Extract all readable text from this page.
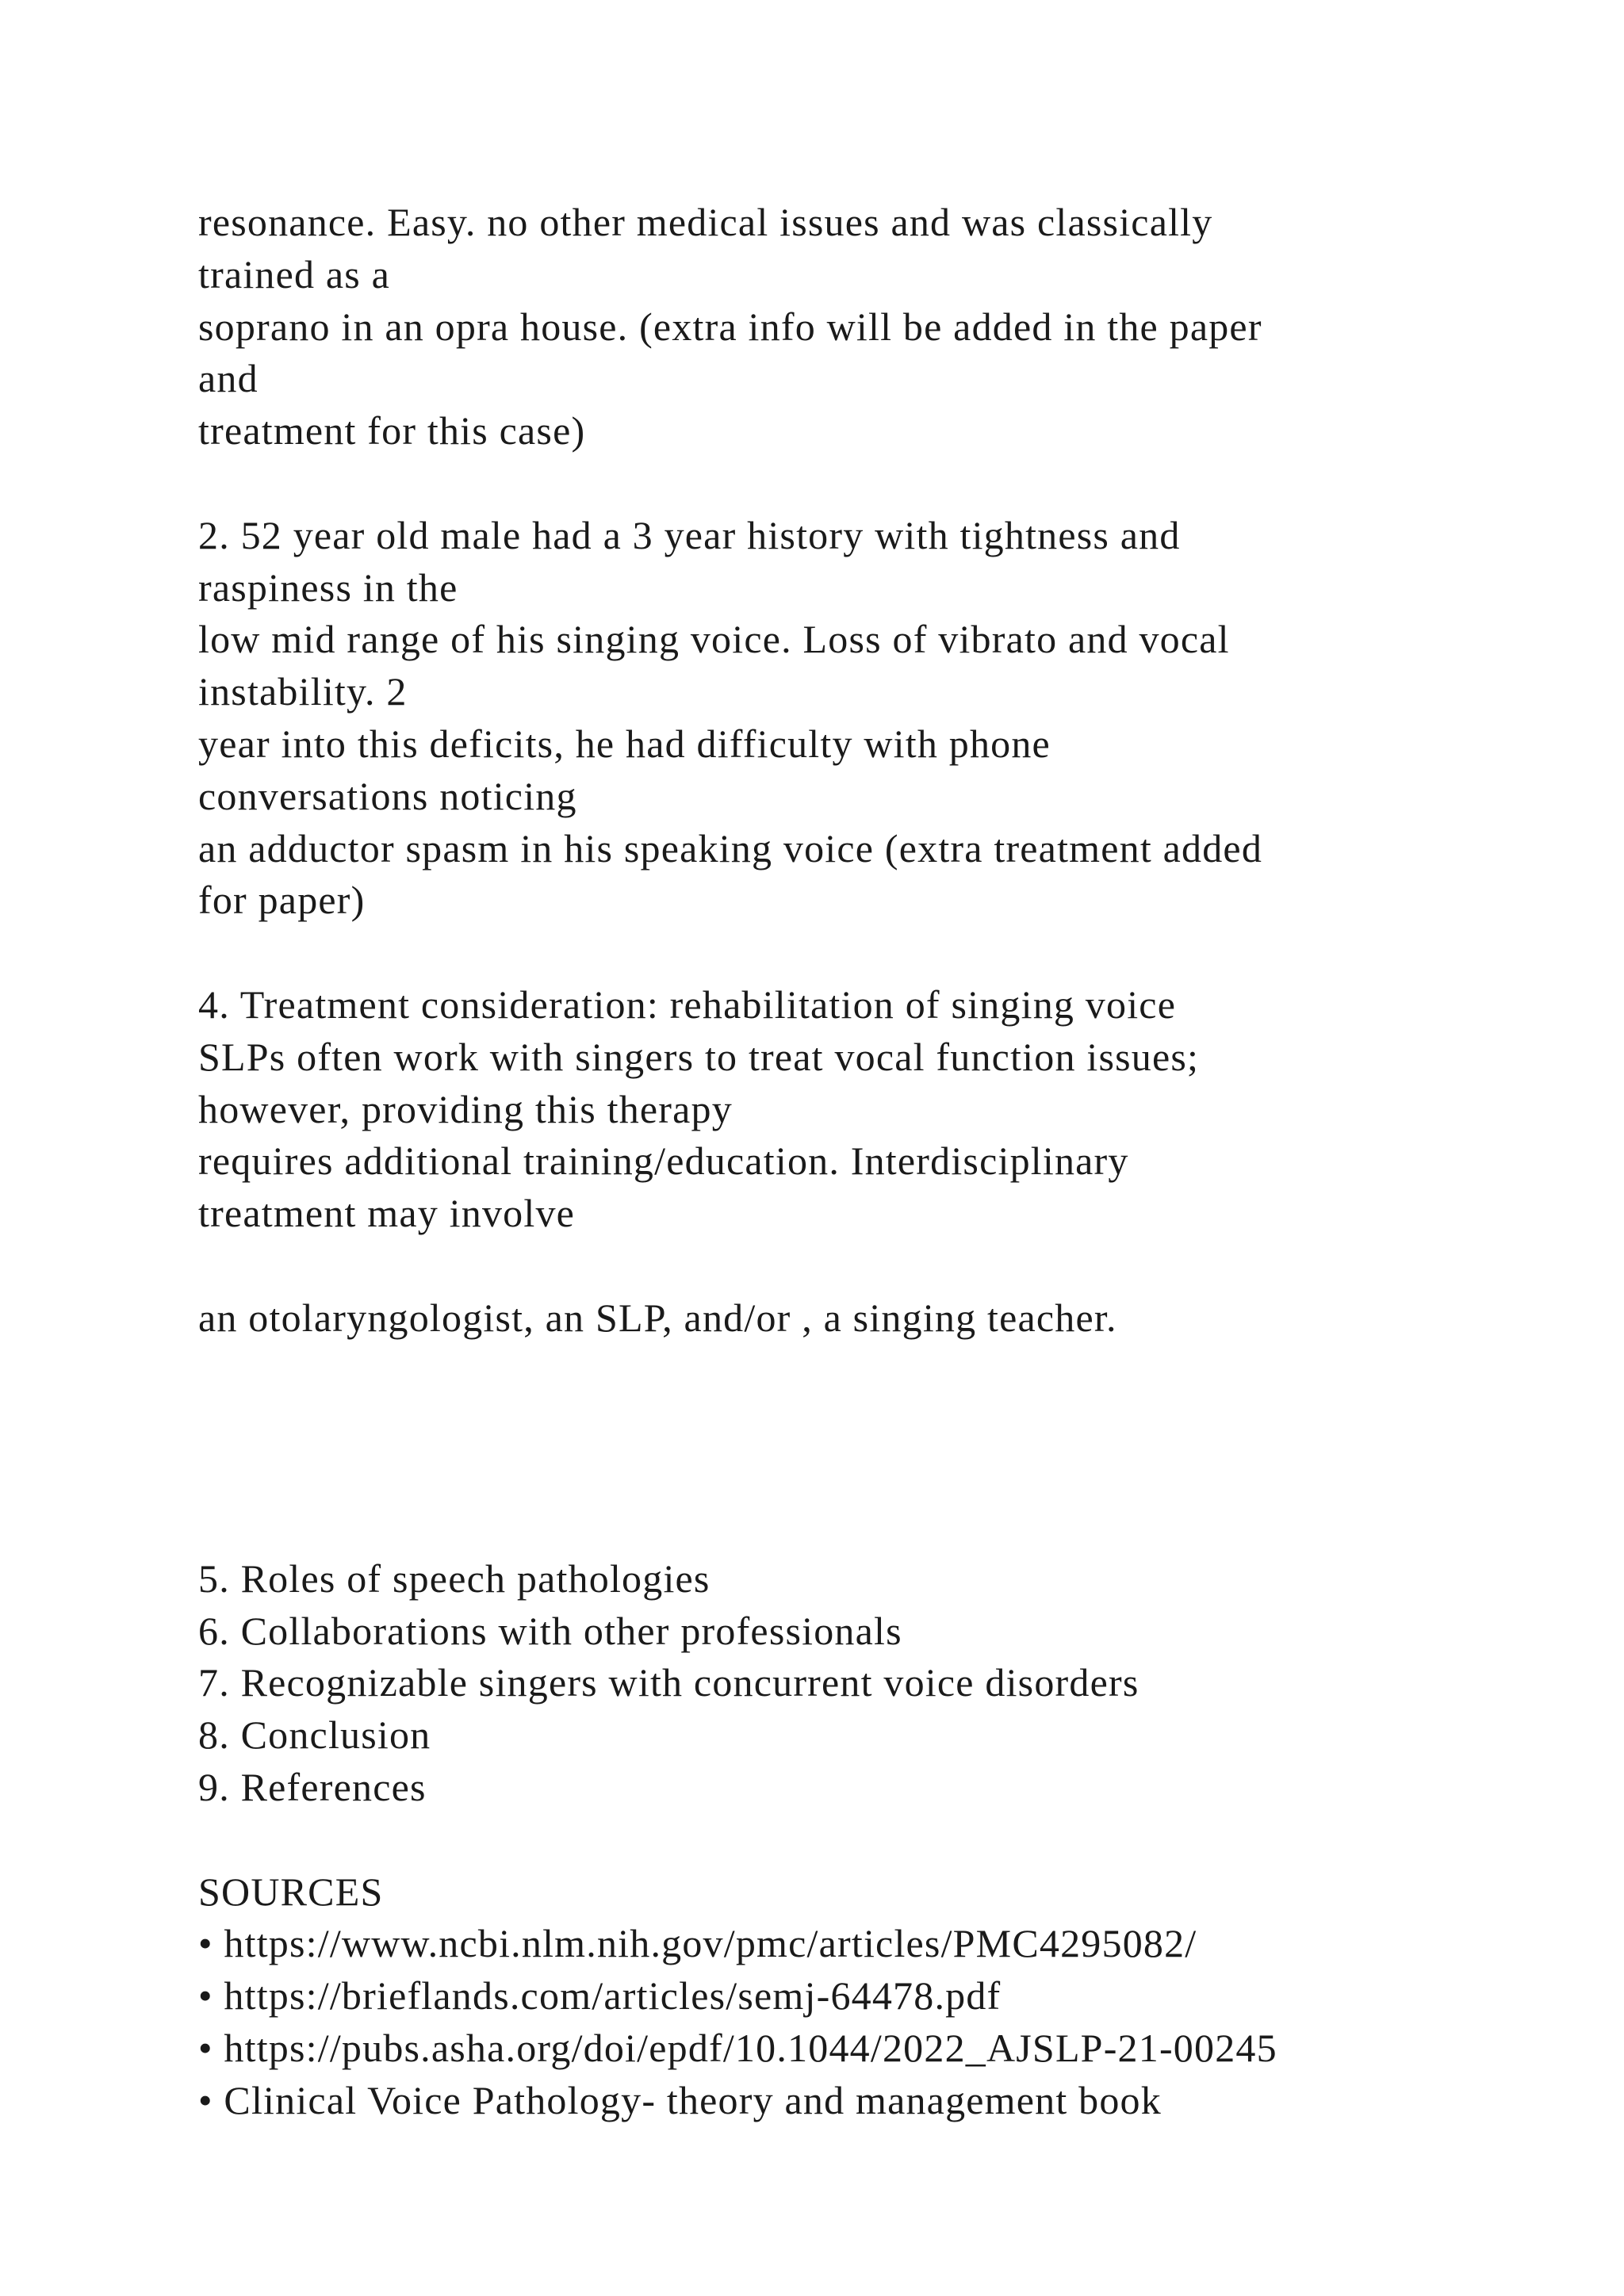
resonance. Easy. no other medical issues and was classically
trained as a
soprano in an opra house. (extra info will be added in the paper
and
treatment for this case)
2. 52 year old male had a 3 year history with tightness and
raspiness in the
low mid range of his singing voice. Loss of vibrato and vocal
instability. 2
year into this deficits, he had difficulty with phone
conversations noticing
an adductor spasm in his speaking voice (extra treatment added
for paper)
4. Treatment consideration: rehabilitation of singing voice
SLPs often work with singers to treat vocal function issues;
however, providing this therapy
requires additional training/education. Interdisciplinary
treatment may involve
an otolaryngologist, an SLP, and/or , a singing teacher.
5. Roles of speech pathologies
6. Collaborations with other professionals
7. Recognizable singers with concurrent voice disorders
8. Conclusion
9. References
SOURCES
• https://www.ncbi.nlm.nih.gov/pmc/articles/PMC4295082/
• https://brieflands.com/articles/semj-64478.pdf
• https://pubs.asha.org/doi/epdf/10.1044/2022_AJSLP-21-00245
• Clinical Voice Pathology- theory and management book
